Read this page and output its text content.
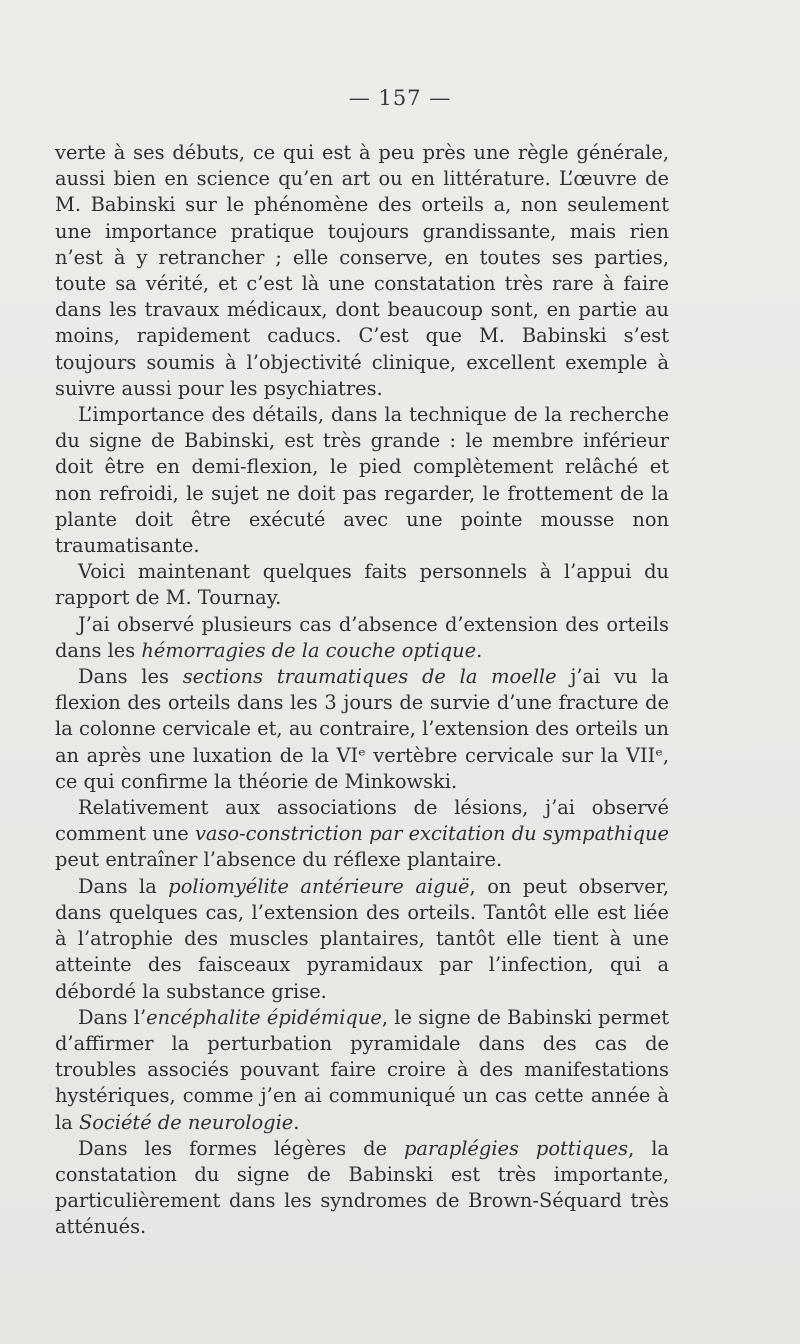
— 157 —

verte à ses débuts, ce qui est à peu près une règle générale, aussi bien en science qu’en art ou en littérature. L’œuvre de M. Babinski sur le phénomène des orteils a, non seulement une importance pratique toujours grandissante, mais rien n’est à y retrancher ; elle conserve, en toutes ses parties, toute sa vérité, et c’est là une constatation très rare à faire dans les travaux médicaux, dont beaucoup sont, en partie au moins, rapidement caducs. C’est que M. Babinski s’est toujours soumis à l’objectivité clinique, excellent exemple à suivre aussi pour les psychiatres.

L’importance des détails, dans la technique de la recherche du signe de Babinski, est très grande : le membre inférieur doit être en demi-flexion, le pied complètement relâché et non refroidi, le sujet ne doit pas regarder, le frottement de la plante doit être exécuté avec une pointe mousse non traumatisante.

Voici maintenant quelques faits personnels à l’appui du rapport de M. Tournay.

J’ai observé plusieurs cas d’absence d’extension des orteils dans les hémorragies de la couche optique.

Dans les sections traumatiques de la moelle j’ai vu la flexion des orteils dans les 3 jours de survie d’une fracture de la colonne cervicale et, au contraire, l’extension des orteils un an après une luxation de la VIᵉ vertèbre cervicale sur la VIIᵉ, ce qui confirme la théorie de Minkowski.

Relativement aux associations de lésions, j’ai observé comment une vaso-constriction par excitation du sympathique peut entraîner l’absence du réflexe plantaire.

Dans la poliomyélite antérieure aiguë, on peut observer, dans quelques cas, l’extension des orteils. Tantôt elle est liée à l’atrophie des muscles plantaires, tantôt elle tient à une atteinte des faisceaux pyramidaux par l’infection, qui a débordé la substance grise.

Dans l’encéphalite épidémique, le signe de Babinski permet d’affirmer la perturbation pyramidale dans des cas de troubles associés pouvant faire croire à des manifestations hystériques, comme j’en ai communiqué un cas cette année à la Société de neurologie.

Dans les formes légères de paraplégies pottiques, la constatation du signe de Babinski est très importante, particulièrement dans les syndromes de Brown-Séquard très atténués.
